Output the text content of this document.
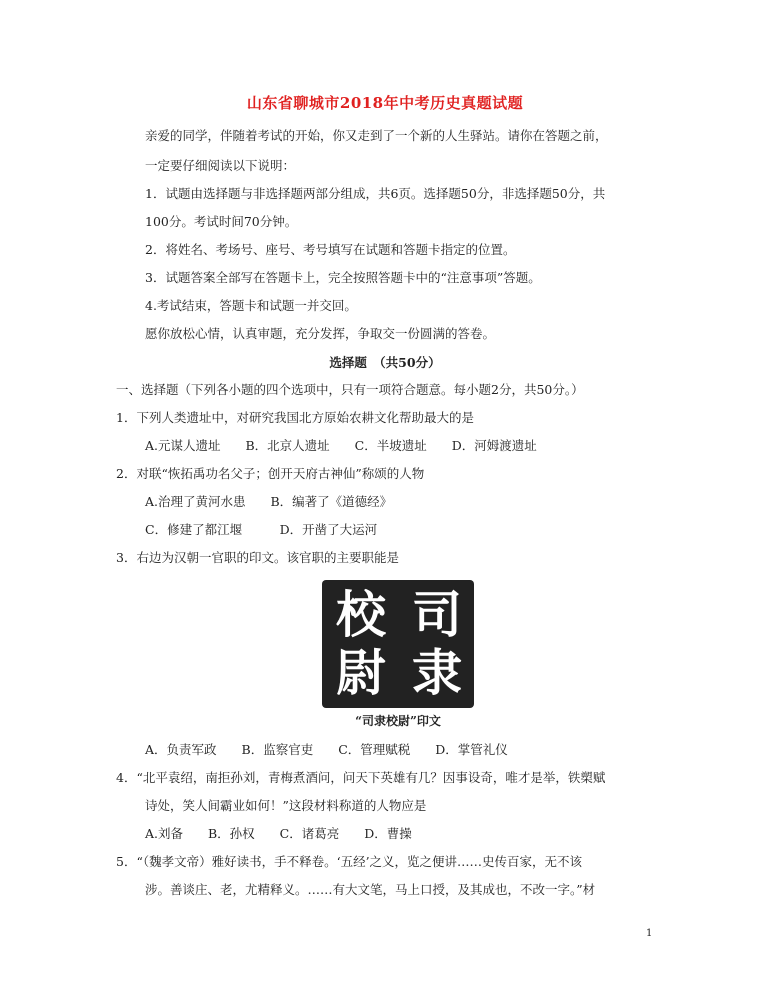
山东省聊城市2018年中考历史真题试题
亲爱的同学，伴随着考试的开始，你又走到了一个新的人生驿站。请你在答题之前，
一定要仔细阅读以下说明：
1．试题由选择题与非选择题两部分组成，共6页。选择题50分，非选择题50分，共
100分。考试时间70分钟。
2．将姓名、考场号、座号、考号填写在试题和答题卡指定的位置。
3．试题答案全部写在答题卡上，完全按照答题卡中的“注意事项”答题。
4.考试结束，答题卡和试题一并交回。
愿你放松心情，认真审题，充分发挥，争取交一份圆满的答卷。
选择题　（共50分）
一、选择题（下列各小题的四个选项中，只有一项符合题意。每小题2分，共50分。）
1．下列人类遗址中，对研究我国北方原始农耕文化帮助最大的是
A.元谋人遗址　　B．北京人遗址　　C．半坡遗址　　D．河姆渡遗址
2．对联“恢拓禹功名父子；创开天府古神仙”称颂的人物
A.治理了黄河水患　　B．编著了《道德经》
C．修建了都江堰　　　D．开凿了大运河
3．右边为汉朝一官职的印文。该官职的主要职能是
司
隶
校
尉
“司隶校尉”印文
A．负责军政　　B．监察官吏　　C．管理赋税　　D．掌管礼仪
4．“北平袁绍，南拒孙刘，青梅煮酒问，问天下英雄有几？因事设奇，唯才是举，铁槊赋
诗处，笑人间霸业如何！”这段材料称道的人物应是
A.刘备　　B．孙权　　C．诸葛亮　　D．曹操
5．“（魏孝文帝）雅好读书，手不释卷。‘五经’之义，览之便讲……史传百家，无不该
涉。善谈庄、老，尤精释义。……有大文笔，马上口授，及其成也，不改一字。”材
1
